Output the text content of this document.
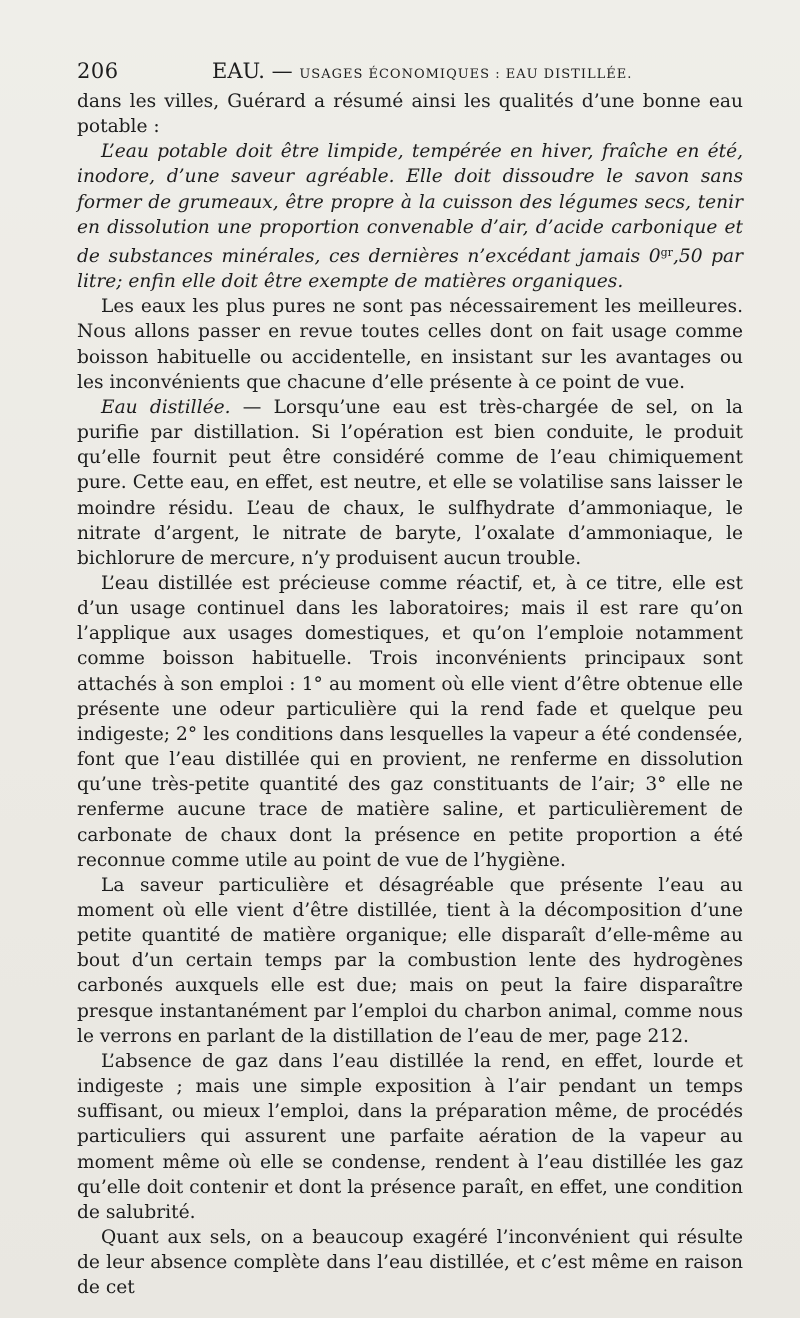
206	EAU. — USAGES ÉCONOMIQUES : EAU DISTILLÉE.

dans les villes, Guérard a résumé ainsi les qualités d’une bonne eau potable :

L’eau potable doit être limpide, tempérée en hiver, fraîche en été, inodore, d’une saveur agréable. Elle doit dissoudre le savon sans former de grumeaux, être propre à la cuisson des légumes secs, tenir en dissolution une proportion convenable d’air, d’acide carbonique et de substances minérales, ces dernières n’excédant jamais $0^{gr},50$ par litre; enfin elle doit être exempte de matières organiques.

Les eaux les plus pures ne sont pas nécessairement les meilleures. Nous allons passer en revue toutes celles dont on fait usage comme boisson habituelle ou accidentelle, en insistant sur les avantages ou les inconvénients que chacune d’elle présente à ce point de vue.

Eau distillée. — Lorsqu’une eau est très-chargée de sel, on la purifie par distillation. Si l’opération est bien conduite, le produit qu’elle fournit peut être considéré comme de l’eau chimiquement pure. Cette eau, en effet, est neutre, et elle se volatilise sans laisser le moindre résidu. L’eau de chaux, le sulfhydrate d’ammoniaque, le nitrate d’argent, le nitrate de baryte, l’oxalate d’ammoniaque, le bichlorure de mercure, n’y produisent aucun trouble.

L’eau distillée est précieuse comme réactif, et, à ce titre, elle est d’un usage continuel dans les laboratoires; mais il est rare qu’on l’applique aux usages domestiques, et qu’on l’emploie notamment comme boisson habituelle. Trois inconvénients principaux sont attachés à son emploi : 1° au moment où elle vient d’être obtenue elle présente une odeur particulière qui la rend fade et quelque peu indigeste; 2° les conditions dans lesquelles la vapeur a été condensée, font que l’eau distillée qui en provient, ne renferme en dissolution qu’une très-petite quantité des gaz constituants de l’air; 3° elle ne renferme aucune trace de matière saline, et particulièrement de carbonate de chaux dont la présence en petite proportion a été reconnue comme utile au point de vue de l’hygiène.

La saveur particulière et désagréable que présente l’eau au moment où elle vient d’être distillée, tient à la décomposition d’une petite quantité de matière organique; elle disparaît d’elle-même au bout d’un certain temps par la combustion lente des hydrogènes carbonés auxquels elle est due; mais on peut la faire disparaître presque instantanément par l’emploi du charbon animal, comme nous le verrons en parlant de la distillation de l’eau de mer, page 212.

L’absence de gaz dans l’eau distillée la rend, en effet, lourde et indigeste ; mais une simple exposition à l’air pendant un temps suffisant, ou mieux l’emploi, dans la préparation même, de procédés particuliers qui assurent une parfaite aération de la vapeur au moment même où elle se condense, rendent à l’eau distillée les gaz qu’elle doit contenir et dont la présence paraît, en effet, une condition de salubrité.

Quant aux sels, on a beaucoup exagéré l’inconvénient qui résulte de leur absence complète dans l’eau distillée, et c’est même en raison de cet
